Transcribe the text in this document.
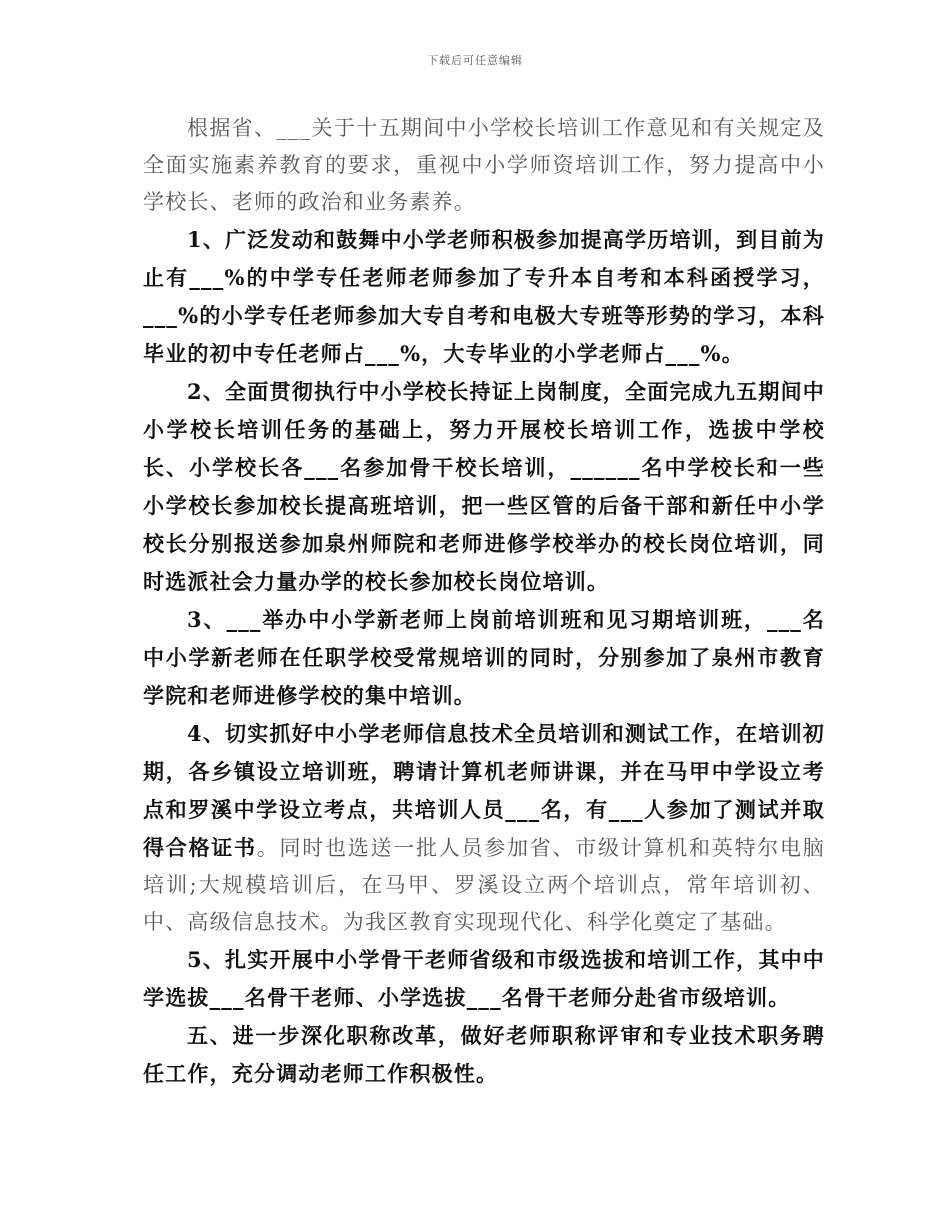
下载后可任意编辑

根据省、___关于十五期间中小学校长培训工作意见和有关规定及全面实施素养教育的要求，重视中小学师资培训工作，努力提高中小学校长、老师的政治和业务素养。

1、广泛发动和鼓舞中小学老师积极参加提高学历培训，到目前为止有___%的中学专任老师老师参加了专升本自考和本科函授学习，___%的小学专任老师参加大专自考和电极大专班等形势的学习，本科毕业的初中专任老师占___%，大专毕业的小学老师占___%。

2、全面贯彻执行中小学校长持证上岗制度，全面完成九五期间中小学校长培训任务的基础上，努力开展校长培训工作，选拔中学校长、小学校长各___名参加骨干校长培训，______名中学校长和一些小学校长参加校长提高班培训，把一些区管的后备干部和新任中小学校长分别报送参加泉州师院和老师进修学校举办的校长岗位培训，同时选派社会力量办学的校长参加校长岗位培训。

3、___举办中小学新老师上岗前培训班和见习期培训班，___名中小学新老师在任职学校受常规培训的同时，分别参加了泉州市教育学院和老师进修学校的集中培训。

4、切实抓好中小学老师信息技术全员培训和测试工作，在培训初期，各乡镇设立培训班，聘请计算机老师讲课，并在马甲中学设立考点和罗溪中学设立考点，共培训人员___名，有___人参加了测试并取得合格证书。同时也选送一批人员参加省、市级计算机和英特尔电脑培训;大规模培训后，在马甲、罗溪设立两个培训点，常年培训初、中、高级信息技术。为我区教育实现现代化、科学化奠定了基础。

5、扎实开展中小学骨干老师省级和市级选拔和培训工作，其中中学选拔___名骨干老师、小学选拔___名骨干老师分赴省市级培训。

五、进一步深化职称改革，做好老师职称评审和专业技术职务聘任工作，充分调动老师工作积极性。
